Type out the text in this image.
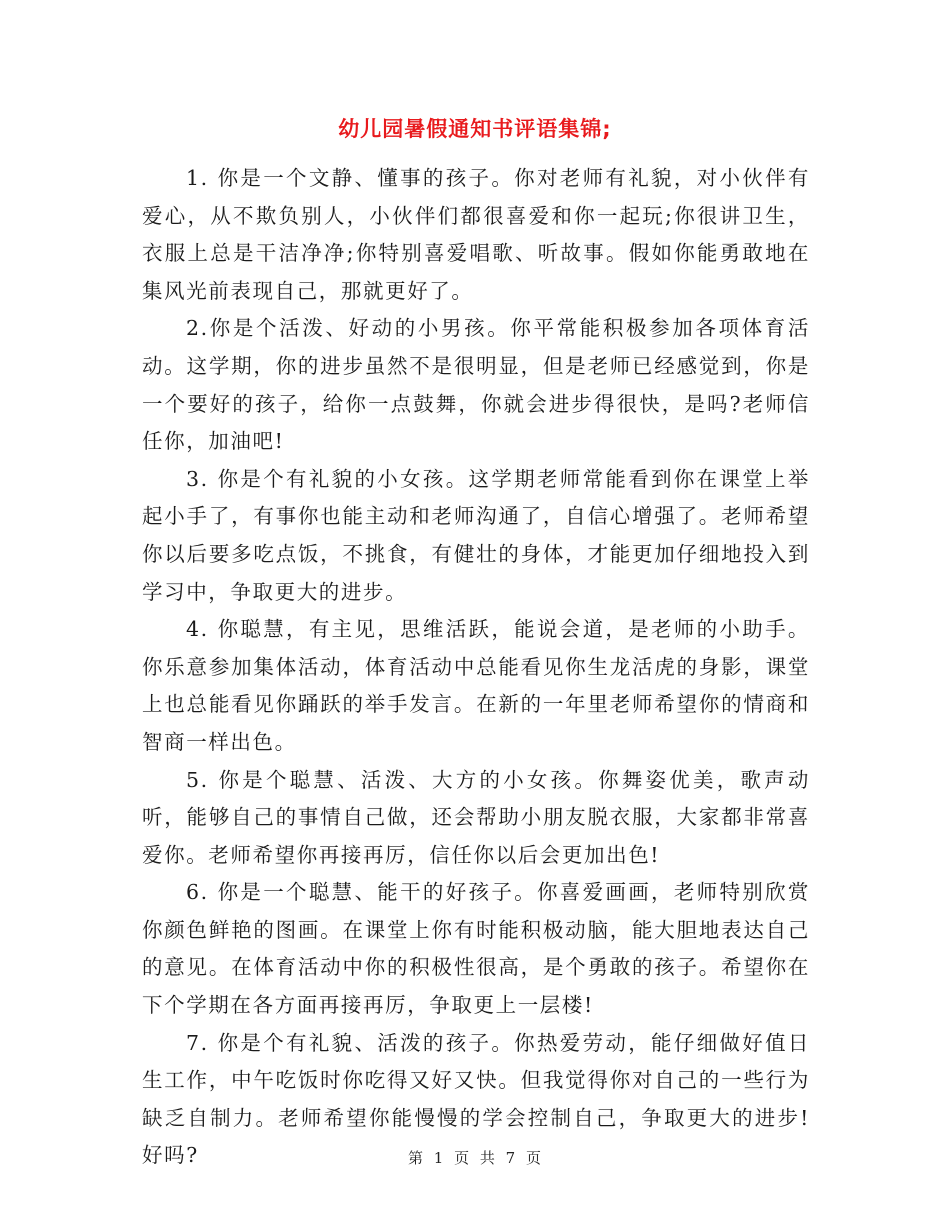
幼儿园暑假通知书评语集锦;

1. 你是一个文静、懂事的孩子。你对老师有礼貌，对小伙伴有爱心，从不欺负别人，小伙伴们都很喜爱和你一起玩;你很讲卫生，衣服上总是干洁净净;你特别喜爱唱歌、听故事。假如你能勇敢地在集风光前表现自己，那就更好了。

2.你是个活泼、好动的小男孩。你平常能积极参加各项体育活动。这学期，你的进步虽然不是很明显，但是老师已经感觉到，你是一个要好的孩子，给你一点鼓舞，你就会进步得很快，是吗?老师信任你，加油吧!

3. 你是个有礼貌的小女孩。这学期老师常能看到你在课堂上举起小手了，有事你也能主动和老师沟通了，自信心增强了。老师希望你以后要多吃点饭，不挑食，有健壮的身体，才能更加仔细地投入到学习中，争取更大的进步。

4. 你聪慧，有主见，思维活跃，能说会道，是老师的小助手。你乐意参加集体活动，体育活动中总能看见你生龙活虎的身影，课堂上也总能看见你踊跃的举手发言。在新的一年里老师希望你的情商和智商一样出色。

5. 你是个聪慧、活泼、大方的小女孩。你舞姿优美，歌声动听，能够自己的事情自己做，还会帮助小朋友脱衣服，大家都非常喜爱你。老师希望你再接再厉，信任你以后会更加出色!

6. 你是一个聪慧、能干的好孩子。你喜爱画画，老师特别欣赏你颜色鲜艳的图画。在课堂上你有时能积极动脑，能大胆地表达自己的意见。在体育活动中你的积极性很高，是个勇敢的孩子。希望你在下个学期在各方面再接再厉，争取更上一层楼!

7. 你是个有礼貌、活泼的孩子。你热爱劳动，能仔细做好值日生工作，中午吃饭时你吃得又好又快。但我觉得你对自己的一些行为缺乏自制力。老师希望你能慢慢的学会控制自己，争取更大的进步!好吗?	第 1 页 共 7 页
